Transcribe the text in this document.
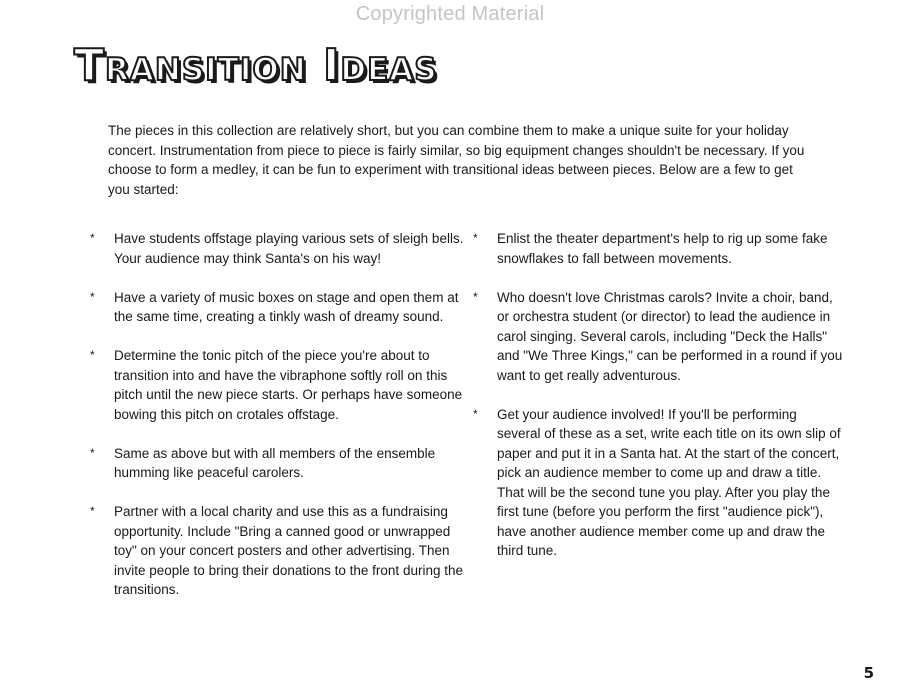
Copyrighted Material
Transition Ideas

The pieces in this collection are relatively short, but you can combine them to make a unique suite for your holiday concert. Instrumentation from piece to piece is fairly similar, so big equipment changes shouldn't be necessary. If you choose to form a medley, it can be fun to experiment with transitional ideas between pieces. Below are a few to get you started:

* Have students offstage playing various sets of sleigh bells. Your audience may think Santa's on his way!
* Have a variety of music boxes on stage and open them at the same time, creating a tinkly wash of dreamy sound.
* Determine the tonic pitch of the piece you're about to transition into and have the vibraphone softly roll on this pitch until the new piece starts. Or perhaps have someone bowing this pitch on crotales offstage.
* Same as above but with all members of the ensemble humming like peaceful carolers.
* Partner with a local charity and use this as a fundraising opportunity. Include "Bring a canned good or unwrapped toy" on your concert posters and other advertising. Then invite people to bring their donations to the front during the transitions.
* Enlist the theater department's help to rig up some fake snowflakes to fall between movements.
* Who doesn't love Christmas carols? Invite a choir, band, or orchestra student (or director) to lead the audience in carol singing. Several carols, including "Deck the Halls" and "We Three Kings," can be performed in a round if you want to get really adventurous.
* Get your audience involved! If you'll be performing several of these as a set, write each title on its own slip of paper and put it in a Santa hat. At the start of the concert, pick an audience member to come up and draw a title. That will be the second tune you play. After you play the first tune (before you perform the first "audience pick"), have another audience member come up and draw the third tune.
5
